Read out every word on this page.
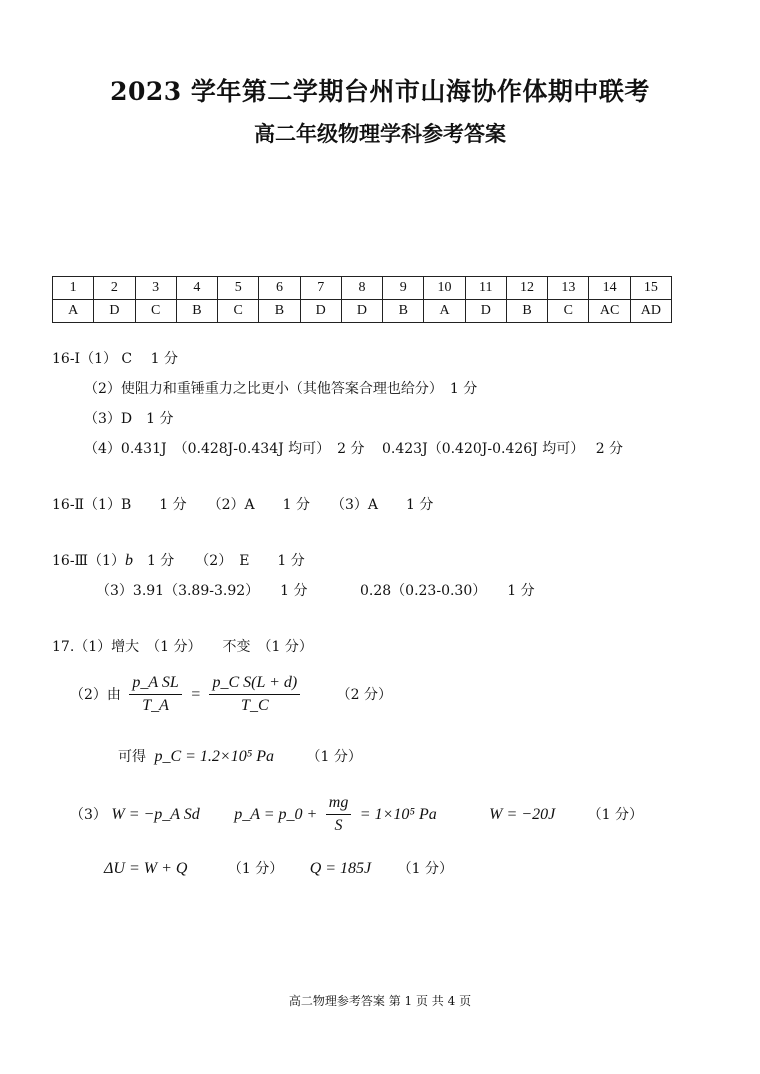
2023 学年第二学期台州市山海协作体期中联考
高二年级物理学科参考答案
1	2	3	4	5	6	7	8	9	10	11	12	13	14	15
A	D	C	B	C	B	D	D	B	A	D	B	C	AC	AD
16-Ⅰ（1） C　 1 分
（2）使阻力和重锤重力之比更小（其他答案合理也给分）　1 分
（3）D　1 分
（4）0.431J　（0.428J-0.434J 均可）　2 分 0.423J（0.420J-0.426J 均可）　 2 分
16-Ⅱ（1）B　　1 分　　（2）A　　1 分　　（3）A　　1 分
16-Ⅲ（1）b　1 分　　（2）　E　　1 分
（3）3.91（3.89-3.92）　　1 分	0.28（0.23-0.30）　　1 分
17.（1）增大　（1 分）　　不变　（1 分）
（2）由 $\frac{\text{p\_A SL}}{T\_A} = \frac{\text{p\_C S(L + d)}}{T\_C}$	（2 分）
可得 p_C = 1.2×10⁵ Pa （1 分）
（3） W = −p_A Sd p_A = p_0 + $\frac{mg}{S} = 1\times 10^5$ Pa	W = −20J （1 分）
ΔU = W + Q	（1 分） Q = 185J （1 分）
高二物理参考答案 第 1 页 共 4 页
